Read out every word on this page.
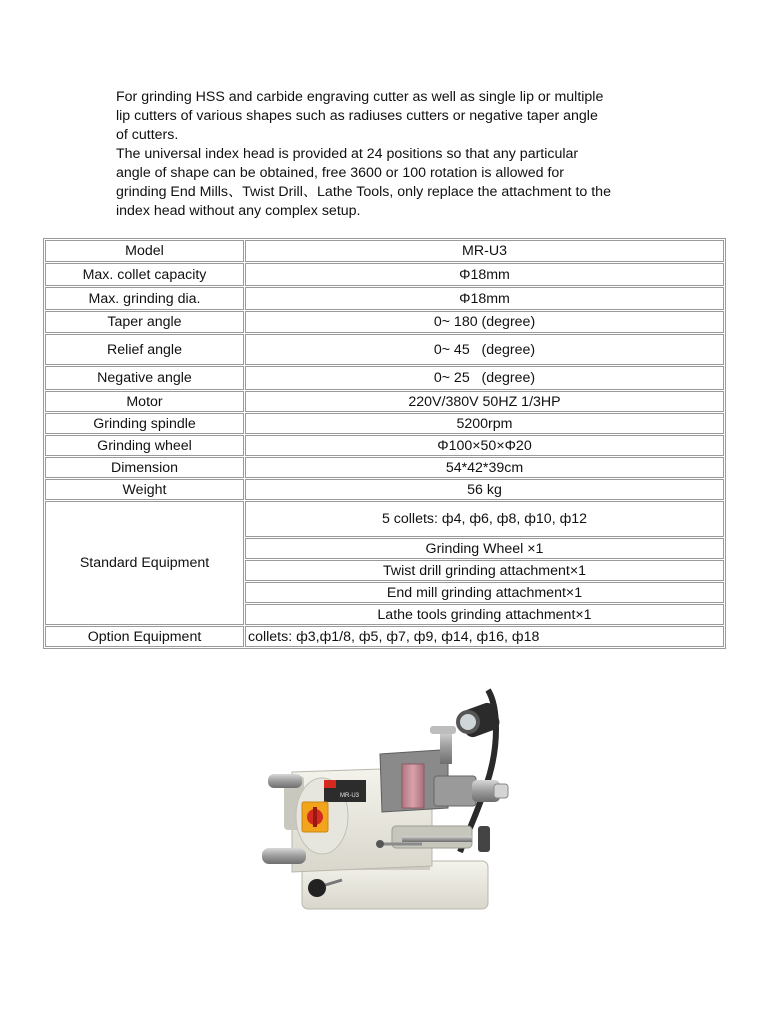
For grinding HSS and carbide engraving cutter as well as single lip or multiple

lip cutters of various shapes such as radiuses cutters or negative taper angle

of cutters.

The universal index head is provided at 24 positions so that any particular

angle of shape can be obtained, free 3600 or 100 rotation is allowed for

grinding End Mills、Twist Drill、Lathe Tools, only replace the attachment to the

index head without any complex setup.

Model	MR-U3
Max. collet capacity	Φ18mm
Max. grinding dia.	Φ18mm
Taper angle	0~ 180 (degree)
Relief angle	0~ 45   (degree)
Negative angle	0~ 25   (degree)
Motor	220V/380V 50HZ 1/3HP
Grinding spindle	5200rpm
Grinding wheel	Φ100×50×Φ20
Dimension	54*42*39cm
Weight	56 kg
Standard Equipment	5 collets: ф4, ф6, ф8, ф10, ф12
	Grinding Wheel ×1
	Twist drill grinding attachment×1
	End mill grinding attachment×1
	Lathe tools grinding attachment×1
Option Equipment	collets: ф3,ф1/8, ф5, ф7, ф9, ф14, ф16, ф18
MR-U3
